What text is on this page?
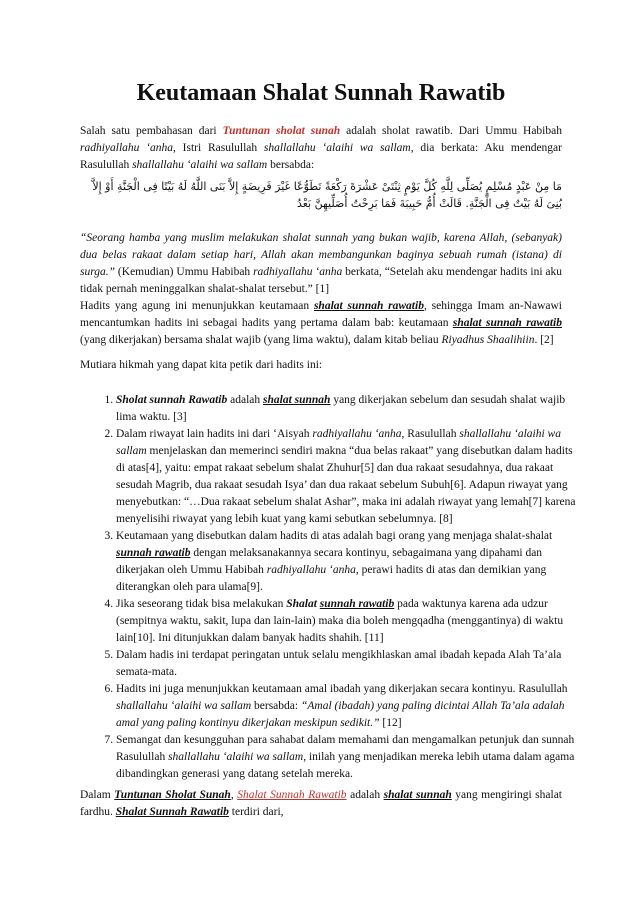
Keutamaan Shalat Sunnah Rawatib
Salah satu pembahasan dari Tuntunan sholat sunah adalah sholat rawatib. Dari Ummu Habibah radhiyallahu ‘anha, Istri Rasulullah shallallahu ‘alaihi wa sallam, dia berkata: Aku mendengar Rasulullah shallallahu ‘alaihi wa sallam bersabda:
مَا مِنْ عَبْدٍ مُسْلِمٍ يُصَلِّى لِلَّهِ كُلَّ يَوْمٍ ثِنْتَىْ عَشْرَةَ رَكْعَةً تَطَوُّعًا غَيْرَ فَرِيضَةٍ إِلاَّ بَنَى اللَّهُ لَهُ بَيْتًا فِى الْجَنَّةِ أَوْ إِلاَّ بُنِىَ لَهُ بَيْتٌ فِى الْجَنَّةِ. قَالَتْ أُمُّ حَبِيبَةَ فَمَا بَرِحْتُ أُصَلِّيهِنَّ بَعْدُ
“Seorang hamba yang muslim melakukan shalat sunnah yang bukan wajib, karena Allah, (sebanyak) dua belas rakaat dalam setiap hari, Allah akan membangunkan baginya sebuah rumah (istana) di surga.” (Kemudian) Ummu Habibah radhiyallahu ‘anha berkata, “Setelah aku mendengar hadits ini aku tidak pernah meninggalkan shalat-shalat tersebut.” [1]
Hadits yang agung ini menunjukkan keutamaan shalat sunnah rawatib, sehingga Imam an-Nawawi mencantumkan hadits ini sebagai hadits yang pertama dalam bab: keutamaan shalat sunnah rawatib (yang dikerjakan) bersama shalat wajib (yang lima waktu), dalam kitab beliau Riyadhus Shaalihiin. [2]
Mutiara hikmah yang dapat kita petik dari hadits ini:
1. Sholat sunnah Rawatib adalah shalat sunnah yang dikerjakan sebelum dan sesudah shalat wajib lima waktu. [3]
2. Dalam riwayat lain hadits ini dari ‘Aisyah radhiyallahu ‘anha, Rasulullah shallallahu ‘alaihi wa sallam menjelaskan dan memerinci sendiri makna “dua belas rakaat” yang disebutkan dalam hadits di atas[4], yaitu: empat rakaat sebelum shalat Zhuhur[5] dan dua rakaat sesudahnya, dua rakaat sesudah Magrib, dua rakaat sesudah Isya’ dan dua rakaat sebelum Subuh[6]. Adapun riwayat yang menyebutkan: “…Dua rakaat sebelum shalat Ashar”, maka ini adalah riwayat yang lemah[7] karena menyelisihi riwayat yang lebih kuat yang kami sebutkan sebelumnya. [8]
3. Keutamaan yang disebutkan dalam hadits di atas adalah bagi orang yang menjaga shalat-shalat sunnah rawatib dengan melaksanakannya secara kontinyu, sebagaimana yang dipahami dan dikerjakan oleh Ummu Habibah radhiyallahu ‘anha, perawi hadits di atas dan demikian yang diterangkan oleh para ulama[9].
4. Jika seseorang tidak bisa melakukan Shalat sunnah rawatib pada waktunya karena ada udzur (sempitnya waktu, sakit, lupa dan lain-lain) maka dia boleh mengqadha (menggantinya) di waktu lain[10]. Ini ditunjukkan dalam banyak hadits shahih. [11]
5. Dalam hadis ini terdapat peringatan untuk selalu mengikhlaskan amal ibadah kepada Alah Ta’ala semata-mata.
6. Hadits ini juga menunjukkan keutamaan amal ibadah yang dikerjakan secara kontinyu. Rasulullah shallallahu ‘alaihi wa sallam bersabda: “Amal (ibadah) yang paling dicintai Allah Ta’ala adalah amal yang paling kontinyu dikerjakan meskipun sedikit.” [12]
7. Semangat dan kesungguhan para sahabat dalam memahami dan mengamalkan petunjuk dan sunnah Rasulullah shallallahu ‘alaihi wa sallam, inilah yang menjadikan mereka lebih utama dalam agama dibandingkan generasi yang datang setelah mereka.
Dalam Tuntunan Sholat Sunah, Shalat Sunnah Rawatib adalah shalat sunnah yang mengiringi shalat fardhu. Shalat Sunnah Rawatib terdiri dari,
